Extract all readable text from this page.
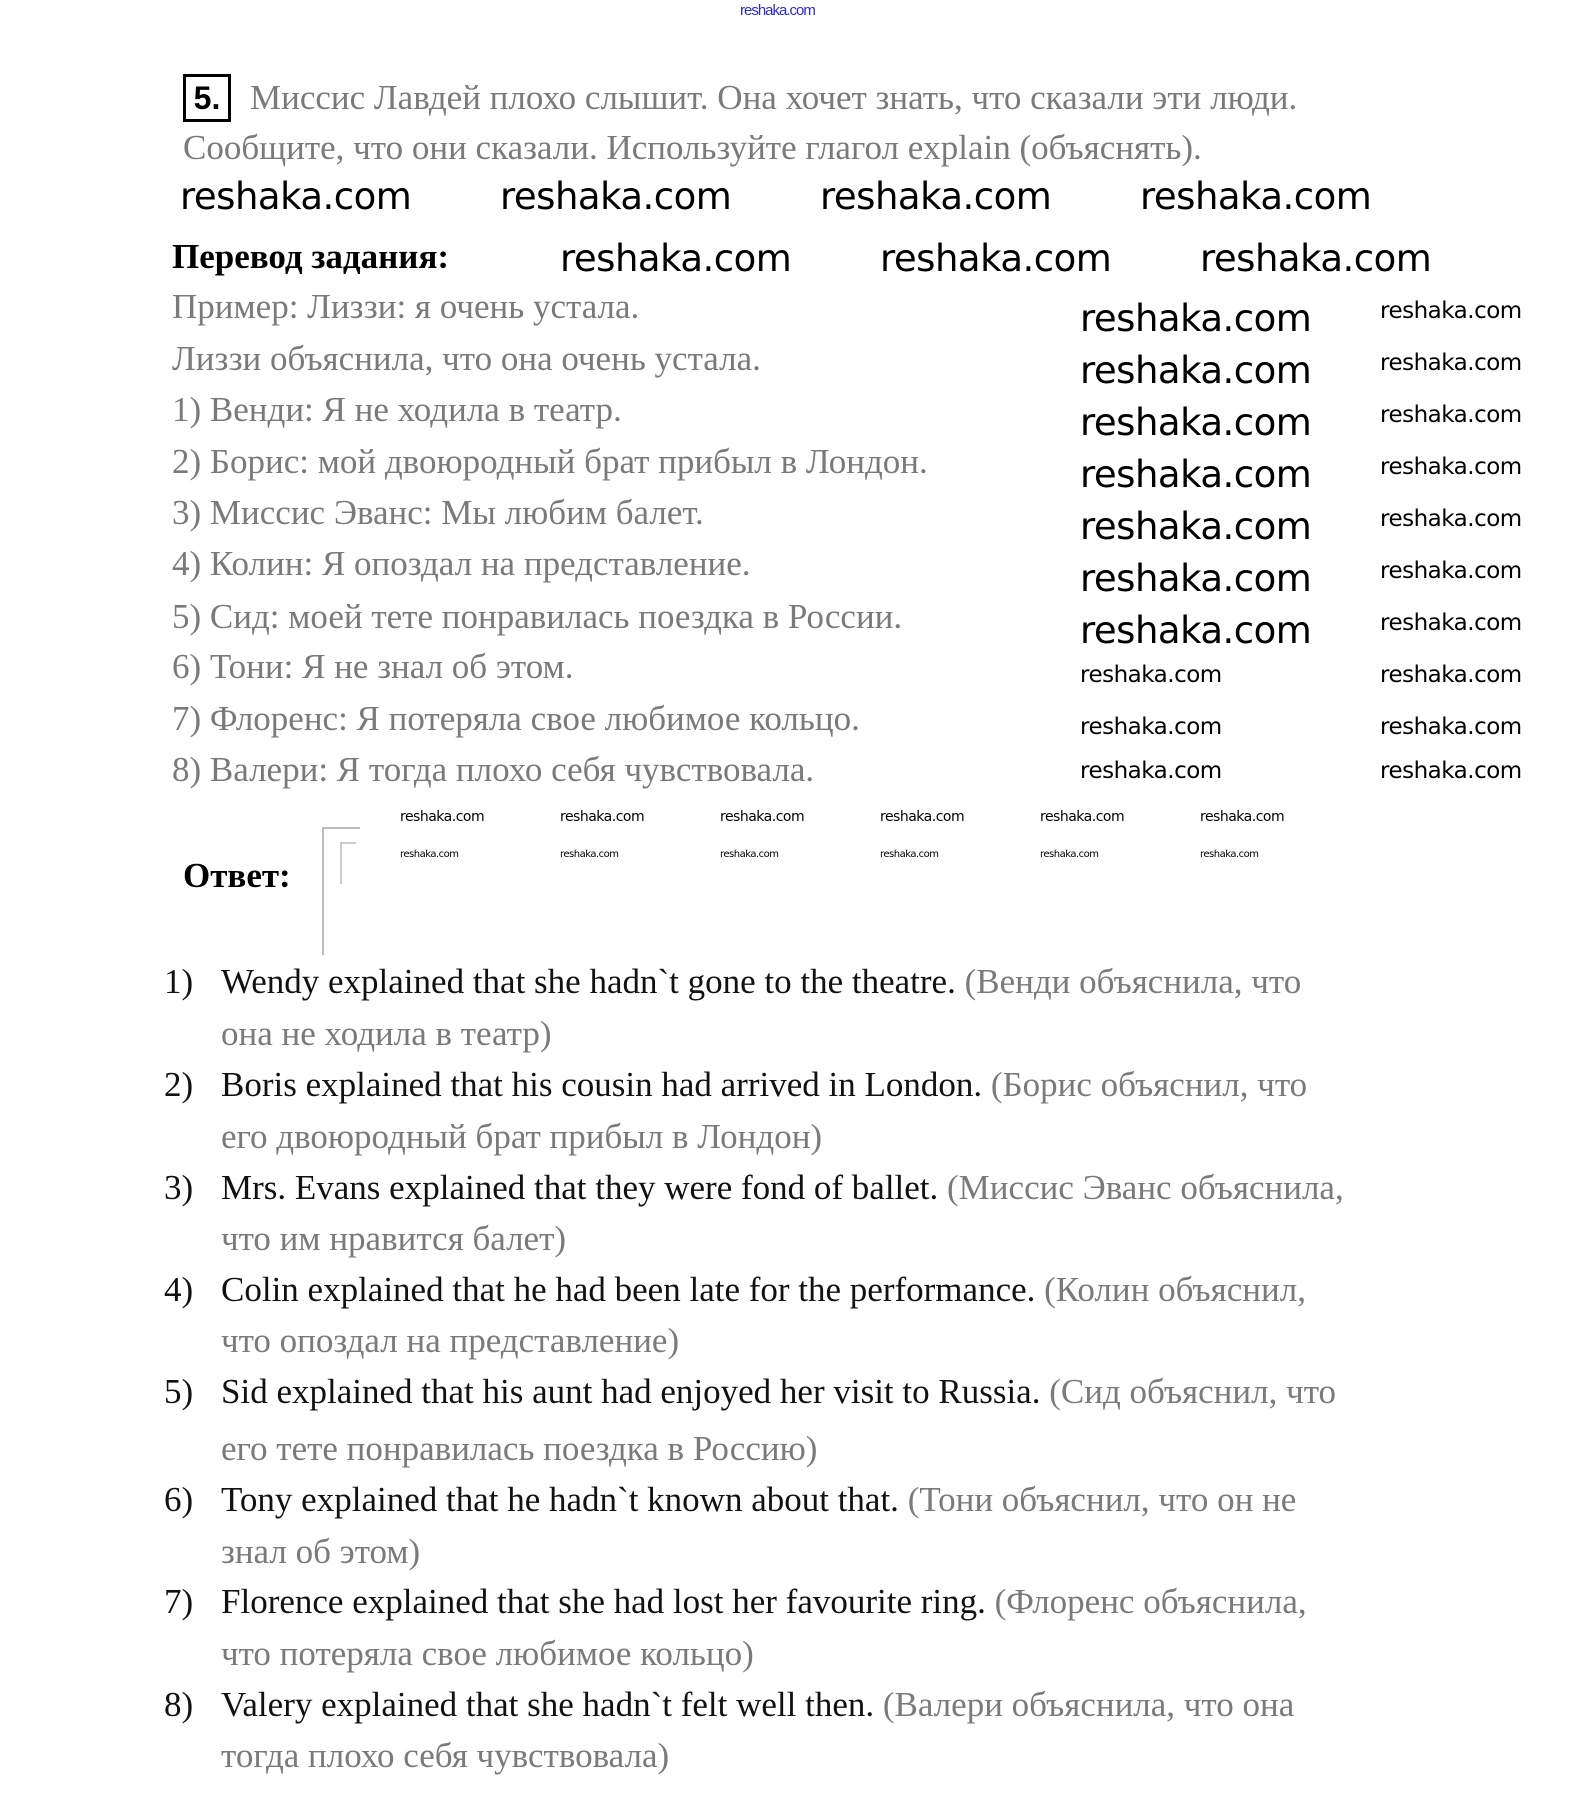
reshaka.com
5. Миссис Лавдей плохо слышит. Она хочет знать, что сказали эти люди.
Сообщите, что они сказали. Используйте глагол explain (объяснять).
Перевод задания:
Пример: Лиззи: я очень устала.
Лиззи объяснила, что она очень устала.
1) Венди: Я не ходила в театр.
2) Борис: мой двоюродный брат прибыл в Лондон.
3) Миссис Эванс: Мы любим балет.
4) Колин: Я опоздал на представление.
5) Сид: моей тете понравилась поездка в России.
6) Тони: Я не знал об этом.
7) Флоренс: Я потеряла свое любимое кольцо.
8) Валери: Я тогда плохо себя чувствовала.
Ответ:
1) Wendy explained that she hadn`t gone to the theatre. (Венди объяснила, что
она не ходила в театр)
2) Boris explained that his cousin had arrived in London. (Борис объяснил, что
его двоюродный брат прибыл в Лондон)
3) Mrs. Evans explained that they were fond of ballet. (Миссис Эванс объяснила,
что им нравится балет)
4) Colin explained that he had been late for the performance. (Колин объяснил,
что опоздал на представление)
5) Sid explained that his aunt had enjoyed her visit to Russia. (Сид объяснил, что
его тете понравилась поездка в Россию)
6) Tony explained that he hadn`t known about that. (Тони объяснил, что он не
знал об этом)
7) Florence explained that she had lost her favourite ring. (Флоренс объяснила,
что потеряла свое любимое кольцо)
8) Valery explained that she hadn`t felt well then. (Валери объяснила, что она
тогда плохо себя чувствовала)
reshaka.com reshaka.com reshaka.com reshaka.com
reshaka.com reshaka.com reshaka.com
reshaka.com
reshaka.com
reshaka.com
reshaka.com
reshaka.com
reshaka.com
reshaka.com
reshaka.com
reshaka.com
reshaka.com
reshaka.com
reshaka.com
reshaka.com
reshaka.com
reshaka.com
reshaka.com
reshaka.com
reshaka.com
reshaka.com
reshaka.com
reshaka.com	reshaka.com	reshaka.com	reshaka.com	reshaka.com	reshaka.com
reshaka.com	reshaka.com	reshaka.com	reshaka.com	reshaka.com	reshaka.com
